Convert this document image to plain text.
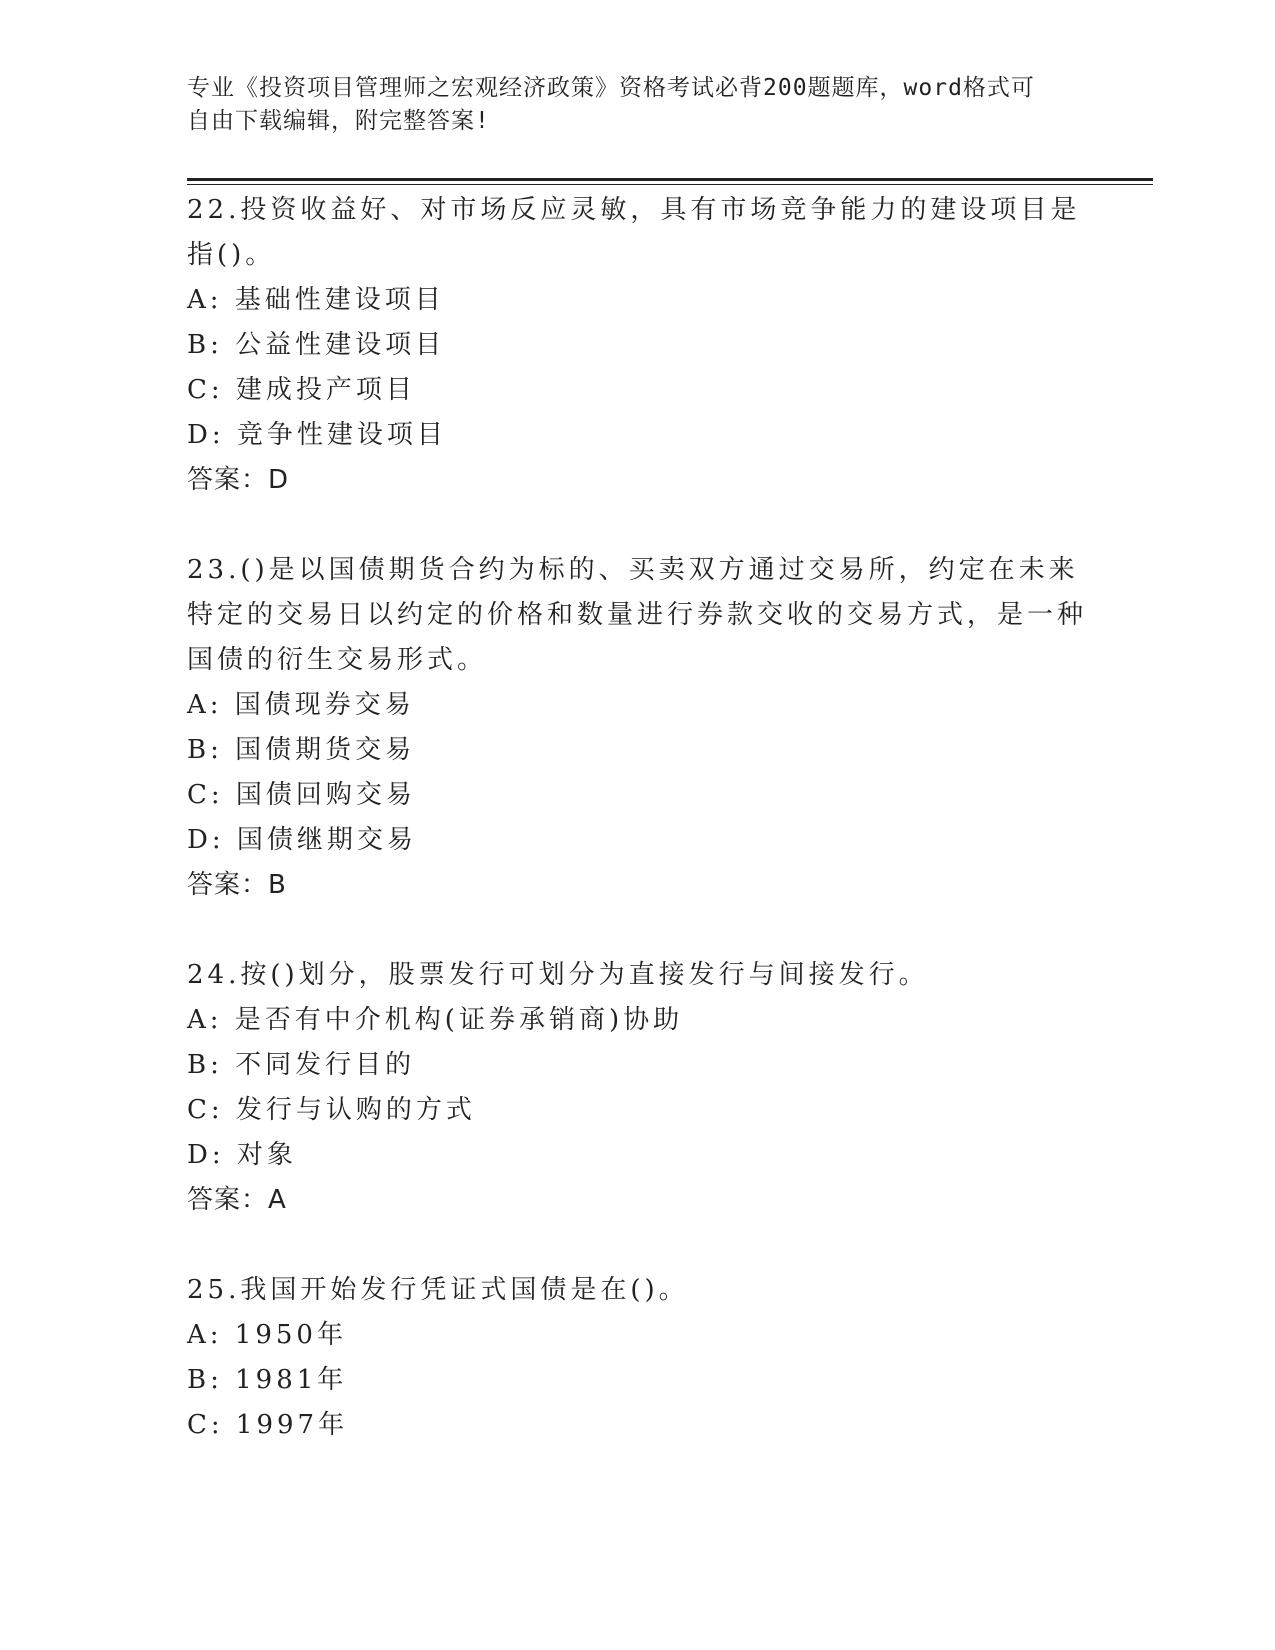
专业《投资项目管理师之宏观经济政策》资格考试必背200题题库，word格式可
自由下载编辑，附完整答案!

22.投资收益好、对市场反应灵敏，具有市场竞争能力的建设项目是指()。

A: 基础性建设项目

B: 公益性建设项目

C: 建成投产项目

D: 竞争性建设项目

答案：D

23.()是以国债期货合约为标的、买卖双方通过交易所，约定在未来特定的交易日以约定的价格和数量进行券款交收的交易方式，是一种国债的衍生交易形式。

A: 国债现券交易

B: 国债期货交易

C: 国债回购交易

D: 国债继期交易

答案：B

24.按()划分，股票发行可划分为直接发行与间接发行。

A: 是否有中介机构(证券承销商)协助

B: 不同发行目的

C: 发行与认购的方式

D: 对象

答案：A

25.我国开始发行凭证式国债是在()。

A: 1950年

B: 1981年

C: 1997年
